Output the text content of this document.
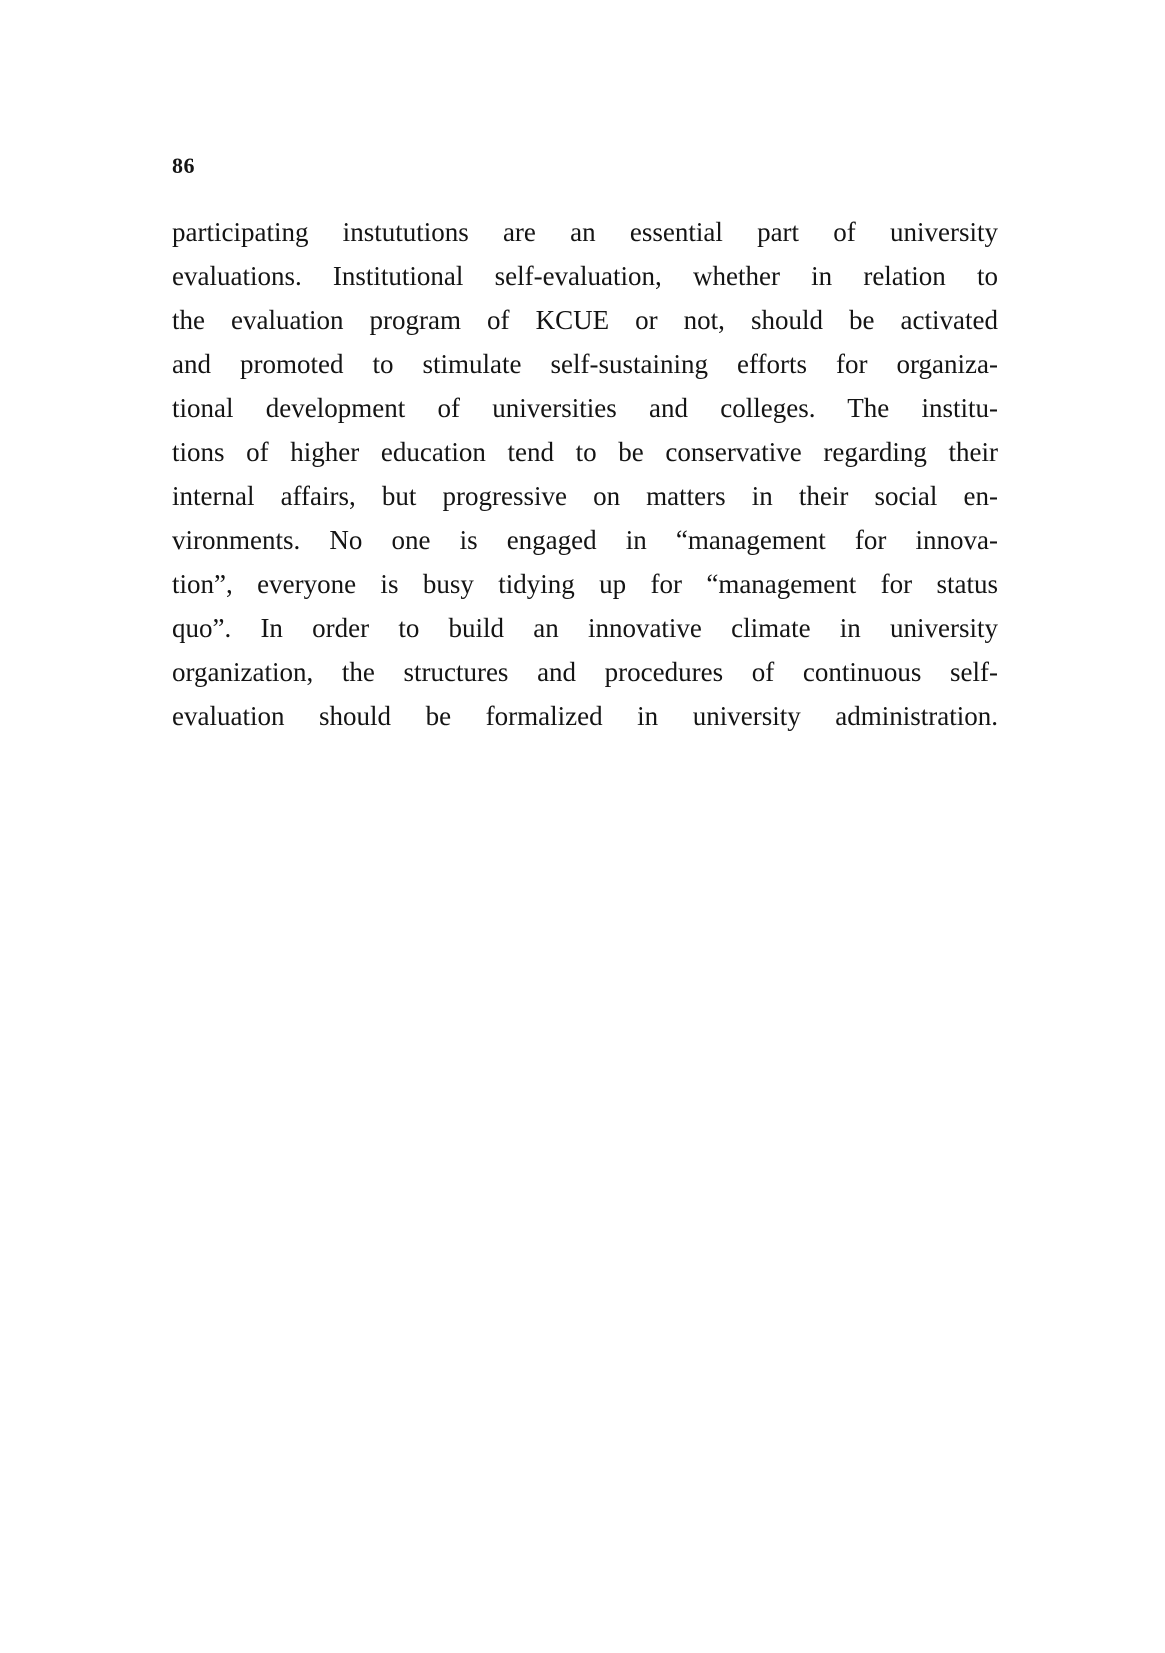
86
participating instututions are an essential part of university
evaluations. Institutional self-evaluation, whether in relation to
the evaluation program of KCUE or not, should be activated
and promoted to stimulate self-sustaining efforts for organiza-
tional development of universities and colleges. The institu-
tions of higher education tend to be conservative regarding their
internal affairs, but progressive on matters in their social en-
vironments. No one is engaged in “management for innova-
tion”, everyone is busy tidying up for “management for status
quo”. In order to build an innovative climate in university
organization, the structures and procedures of continuous self-
evaluation should be formalized in university administration.
